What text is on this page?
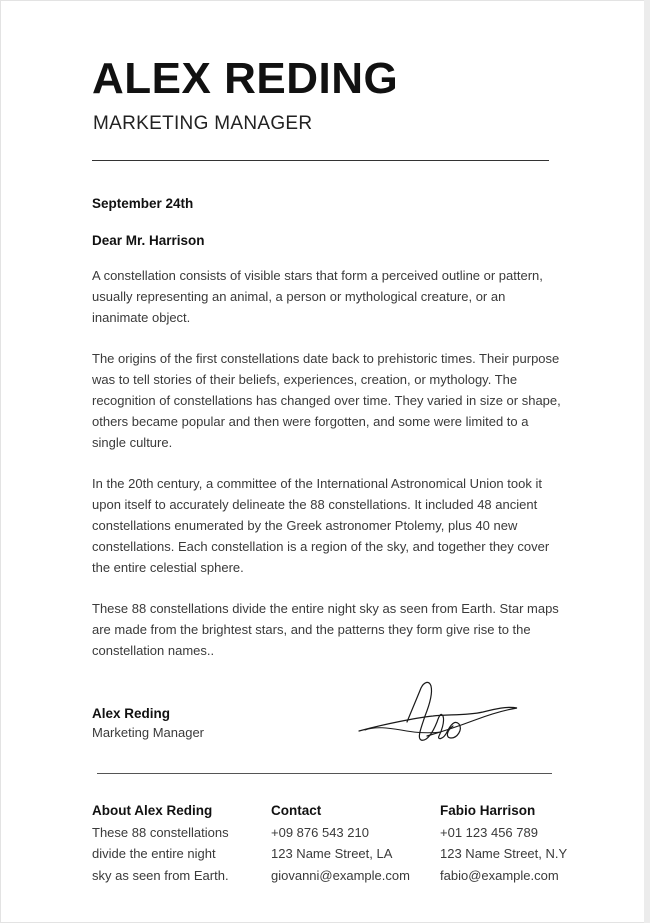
ALEX REDING
MARKETING MANAGER
September 24th
Dear Mr. Harrison

A constellation consists of visible stars that form a perceived outline or pattern, usually representing an animal, a person or mythological creature, or an inanimate object.

The origins of the first constellations date back to prehistoric times. Their purpose was to tell stories of their beliefs, experiences, creation, or mythology. The recognition of constellations has changed over time. They varied in size or shape, others became popular and then were forgotten, and some were limited to a single culture.

In the 20th century, a committee of the International Astronomical Union took it upon itself to accurately delineate the 88 constellations. It included 48 ancient constellations enumerated by the Greek astronomer Ptolemy, plus 40 new constellations. Each constellation is a region of the sky, and together they cover the entire celestial sphere.

These 88 constellations divide the entire night sky as seen from Earth. Star maps are made from the brightest stars, and the patterns they form give rise to the constellation names..

Alex Reding
Marketing Manager
About Alex Reding
These 88 constellations
divide the entire night
sky as seen from Earth.
Contact
+09 876 543 210
123 Name Street, LA
giovanni@example.com
Fabio Harrison
+01 123 456 789
123 Name Street, N.Y
fabio@example.com
